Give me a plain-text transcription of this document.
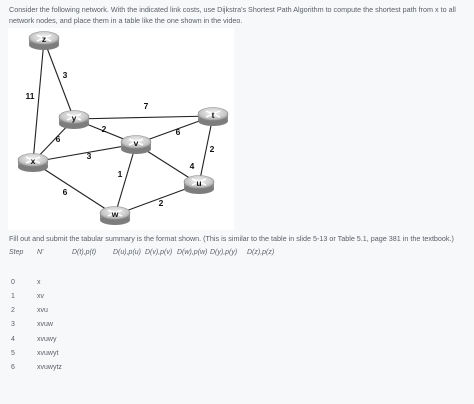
Consider the following network. With the indicated link costs, use Dijkstra's Shortest Path Algorithm to compute the shortest path from x to all network nodes, and place them in a table like the one shown in the video.
3
11
7
2
6
6
2
3
4
1
6
2
z
y	t
v
x
u
w
Fill out and submit the tabular summary is the format shown. (This is similar to the table in slide 5-13 or Table 5.1, page 381 in the textbook.)
Step N'	D(t),p(t) D(u),p(u) D(v),p(v) D(w),p(w) D(y),p(y) D(z),p(z)
0	x
1	xv
2	xvu
3	xvuw
4	xvuwy
5	xvuwyt
6	xvuwytz
